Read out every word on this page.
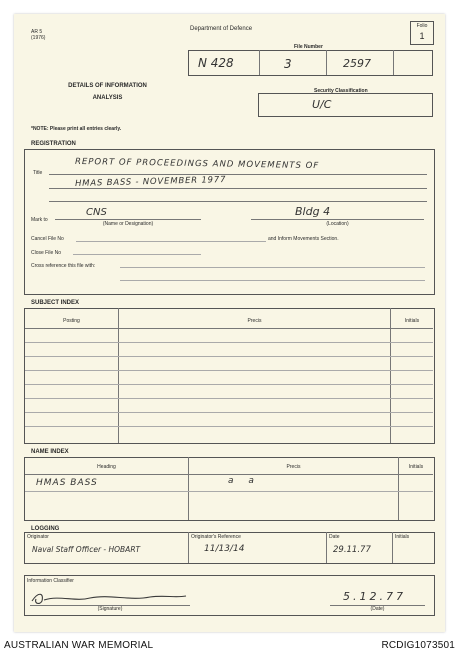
AR 5
(1976)
Department of Defence	Folio
1
File Number
N 428	3	2597
DETAILS OF INFORMATION
ANALYSIS
Security Classification
U/C
*NOTE: Please print all entries clearly.
REGISTRATION
Title
REPORT OF PROCEEDINGS AND MOVEMENTS OF
HMAS BASS - NOVEMBER 1977
Mark to
CNS	Bldg 4
(Name or Designation)	(Location)
Cancel File No	and Inform Movements Section.
Close File No
Cross reference this file with:
SUBJECT INDEX
Posting	Precis	Initials
NAME INDEX
Heading	Precis	Initials
HMAS BASS	a a
LOGGING
Originator	Originator's Reference	Date	Initials
Naval Staff Officer - HOBART	11/13/14	29.11.77
Information Classifier
(Signature)
5.12.77
(Date)
AUSTRALIAN WAR MEMORIAL	RCDIG1073501
